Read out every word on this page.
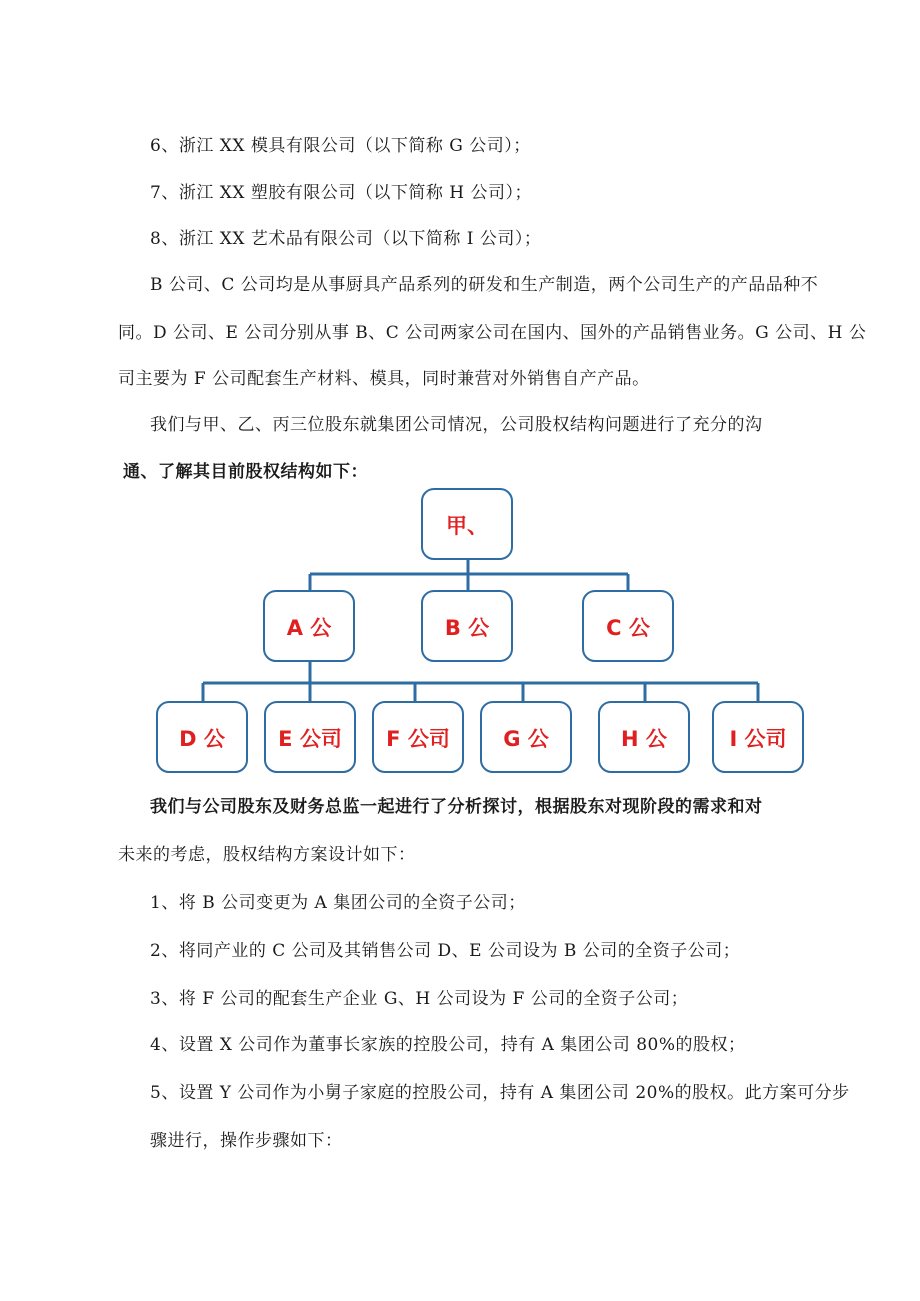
6、浙江 XX 模具有限公司（以下简称 G 公司）；
7、浙江 XX 塑胶有限公司（以下简称 H 公司）；
8、浙江 XX 艺术品有限公司（以下简称 I 公司）；
B 公司、C 公司均是从事厨具产品系列的研发和生产制造，两个公司生产的产品品种不
同。D 公司、E 公司分别从事 B、C 公司两家公司在国内、国外的产品销售业务。G 公司、H 公
司主要为 F 公司配套生产材料、模具，同时兼营对外销售自产产品。
我们与甲、乙、丙三位股东就集团公司情况，公司股权结构问题进行了充分的沟
通、了解其目前股权结构如下：
甲、
A 公	B 公	C 公
D 公	E 公司 F 公司	G 公	H 公	I 公司
我们与公司股东及财务总监一起进行了分析探讨，根据股东对现阶段的需求和对
未来的考虑，股权结构方案设计如下：
1、将 B 公司变更为 A 集团公司的全资子公司；
2、将同产业的 C 公司及其销售公司 D、E 公司设为 B 公司的全资子公司；
3、将 F 公司的配套生产企业 G、H 公司设为 F 公司的全资子公司；
4、设置 X 公司作为董事长家族的控股公司，持有 A 集团公司 80%的股权；
5、设置 Y 公司作为小舅子家庭的控股公司，持有 A 集团公司 20%的股权。此方案可分步
骤进行，操作步骤如下：
